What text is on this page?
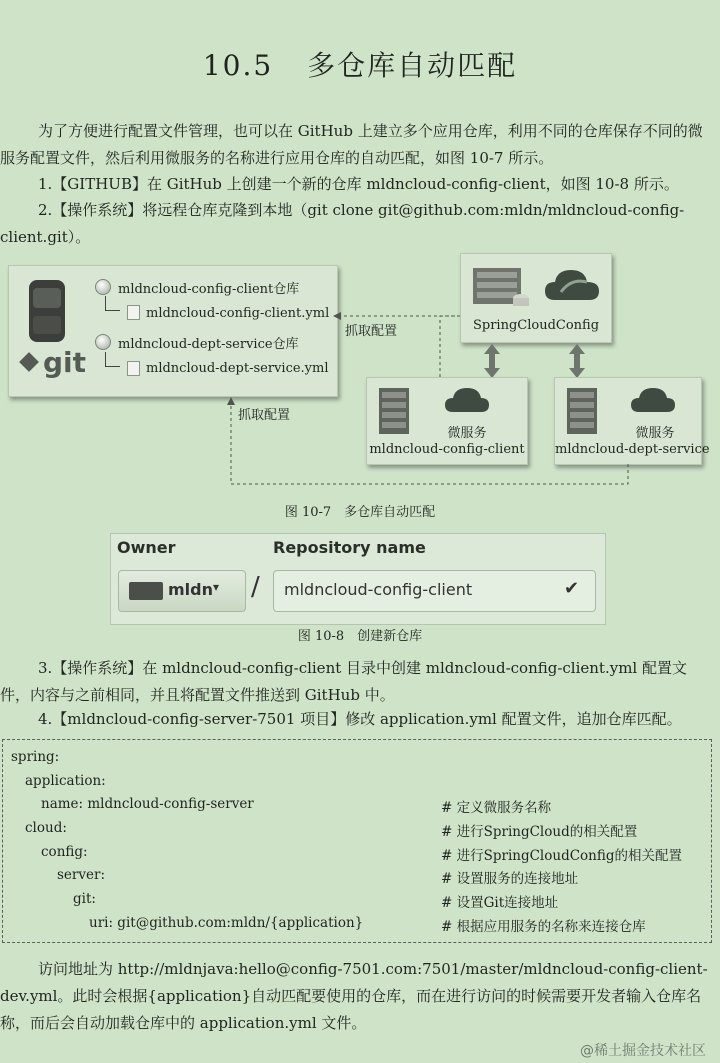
10.5 多仓库自动匹配
为了方便进行配置文件管理，也可以在 GitHub 上建立多个应用仓库，利用不同的仓库保存不同的微服务配置文件，然后利用微服务的名称进行应用仓库的自动匹配，如图 10-7 所示。
1.【GITHUB】在 GitHub 上创建一个新的仓库 mldncloud-config-client，如图 10-8 所示。
2.【操作系统】将远程仓库克隆到本地（git clone git@github.com:mldn/mldncloud-config-client.git）。
git
mldncloud-config-client仓库
mldncloud-config-client.yml
mldncloud-dept-service仓库
mldncloud-dept-service.yml
SpringCloudConfig
微服务
mldncloud-config-client
微服务
mldncloud-dept-service
抓取配置
抓取配置
图 10-7　多仓库自动匹配
Owner	Repository name
mldn ▾ / mldncloud-config-client	✔
图 10-8　创建新仓库
3.【操作系统】在 mldncloud-config-client 目录中创建 mldncloud-config-client.yml 配置文件，内容与之前相同，并且将配置文件推送到 GitHub 中。
4.【mldncloud-config-server-7501 项目】修改 application.yml 配置文件，追加仓库匹配。
spring:
application:
name: mldncloud-config-server	# 定义微服务名称
cloud:	# 进行SpringCloud的相关配置
config:	# 进行SpringCloudConfig的相关配置
server:	# 设置服务的连接地址
git:	# 设置Git连接地址
uri: git@github.com:mldn/{application}	# 根据应用服务的名称来连接仓库
访问地址为 http://mldnjava:hello@config-7501.com:7501/master/mldncloud-config-client-dev.yml。此时会根据{application}自动匹配要使用的仓库，而在进行访问的时候需要开发者输入仓库名称，而后会自动加载仓库中的 application.yml 文件。
@稀土掘金技术社区
